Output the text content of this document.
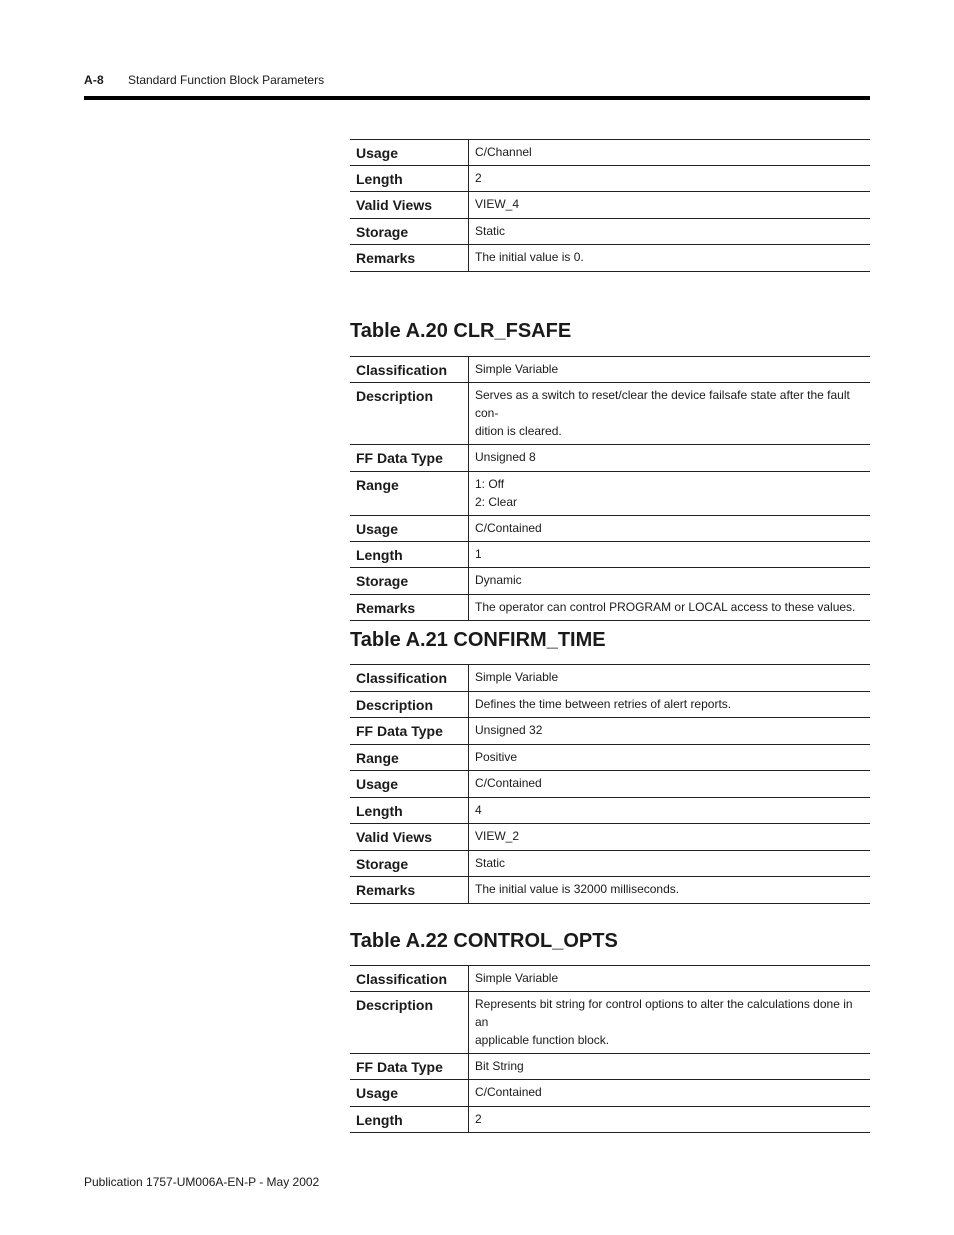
A-8 Standard Function Block Parameters
Usage	C/Channel
Length	2
Valid Views	VIEW_4
Storage	Static
Remarks	The initial value is 0.
Table A.20 CLR_FSAFE
Classification	Simple Variable
Description	Serves as a switch to reset/clear the device failsafe state after the fault con-
dition is cleared.
FF Data Type	Unsigned 8
Range	1: Off
2: Clear
Usage	C/Contained
Length	1
Storage	Dynamic
Remarks	The operator can control PROGRAM or LOCAL access to these values.
Table A.21 CONFIRM_TIME
Classification	Simple Variable
Description	Defines the time between retries of alert reports.
FF Data Type	Unsigned 32
Range	Positive
Usage	C/Contained
Length	4
Valid Views	VIEW_2
Storage	Static
Remarks	The initial value is 32000 milliseconds.
Table A.22 CONTROL_OPTS
Classification	Simple Variable
Description	Represents bit string for control options to alter the calculations done in an
applicable function block.
FF Data Type	Bit String
Usage	C/Contained
Length	2
Publication 1757-UM006A-EN-P - May 2002
